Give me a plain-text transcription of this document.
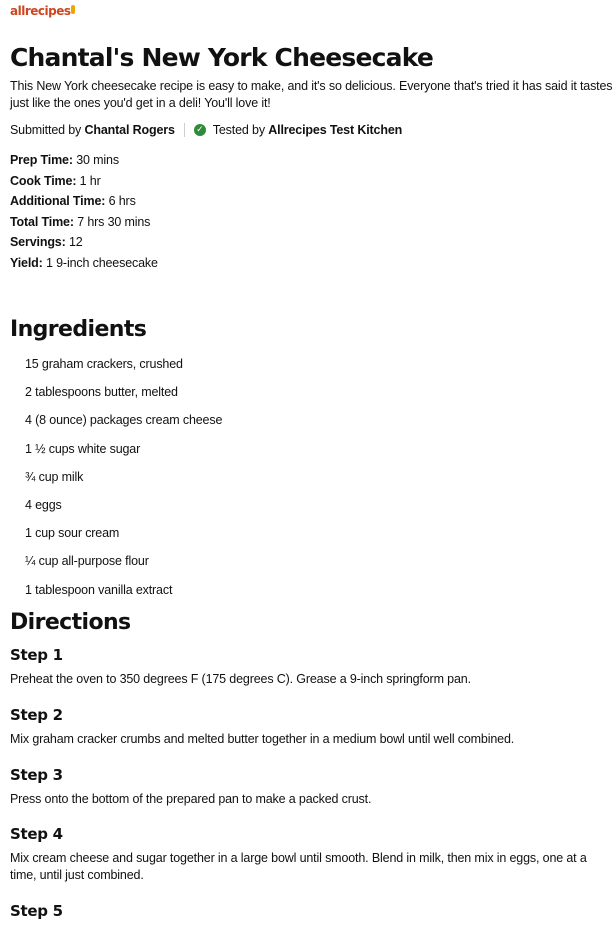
allrecipes
Chantal's New York Cheesecake

This New York cheesecake recipe is easy to make, and it's so delicious. Everyone that's tried it has said it tastes just like the ones you'd get in a deli! You'll love it!

Submitted by
Chantal Rogers ✓ Tested by
Allrecipes Test Kitchen
Prep Time: 30 mins
Cook Time: 1 hr
Additional Time: 6 hrs
Total Time: 7 hrs 30 mins
Servings: 12
Yield: 1 9-inch cheesecake
Ingredients
15 graham crackers, crushed
2 tablespoons butter, melted
4 (8 ounce) packages cream cheese
1 ½ cups white sugar
¾ cup milk
4 eggs
1 cup sour cream
¼ cup all-purpose flour
1 tablespoon vanilla extract
Directions
Step 1

Preheat the oven to 350 degrees F (175 degrees C). Grease a 9-inch springform pan.

Step 2

Mix graham cracker crumbs and melted butter together in a medium bowl until well combined.

Step 3

Press onto the bottom of the prepared pan to make a packed crust.

Step 4

Mix cream cheese and sugar together in a large bowl until smooth. Blend in milk, then mix in eggs, one at a time, until just combined.

Step 5
